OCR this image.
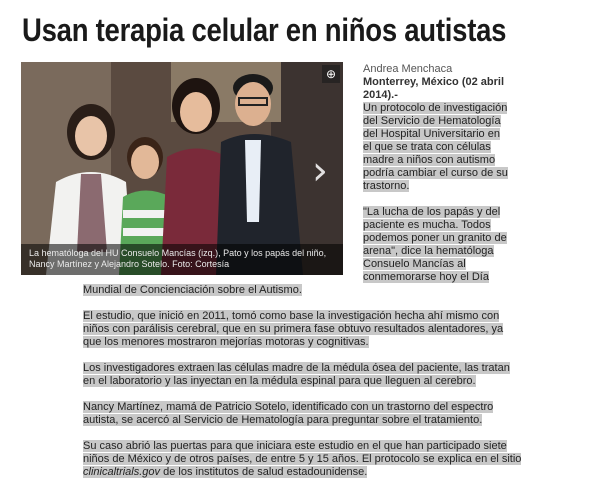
Usan terapia celular en niños autistas
⊕
›
La hematóloga del HU Consuelo Mancías (izq.), Pato y los papás del niño, Nancy Martínez y Alejandro Sotelo. Foto: Cortesía
Andrea Menchaca
Monterrey, México (02 abril 2014).-

Un protocolo de investigación del Servicio de Hematología del Hospital Universitario en el que se trata con células madre a niños con autismo podría cambiar el curso de su trastorno.

"La lucha de los papás y del paciente es mucha. Todos podemos poner un granito de arena", dice la hematóloga Consuelo Mancías al conmemorarse hoy el Día

Mundial de Concienciación sobre el Autismo.

El estudio, que inició en 2011, tomó como base la investigación hecha ahí mismo con niños con parálisis cerebral, que en su primera fase obtuvo resultados alentadores, ya que los menores mostraron mejorías motoras y cognitivas.

Los investigadores extraen las células madre de la médula ósea del paciente, las tratan en el laboratorio y las inyectan en la médula espinal para que lleguen al cerebro.

Nancy Martínez, mamá de Patricio Sotelo, identificado con un trastorno del espectro autista, se acercó al Servicio de Hematología para preguntar sobre el tratamiento.

Su caso abrió las puertas para que iniciara este estudio en el que han participado siete niños de México y de otros países, de entre 5 y 15 años. El protocolo se explica en el sitio clinicaltrials.gov de los institutos de salud estadounidense.
